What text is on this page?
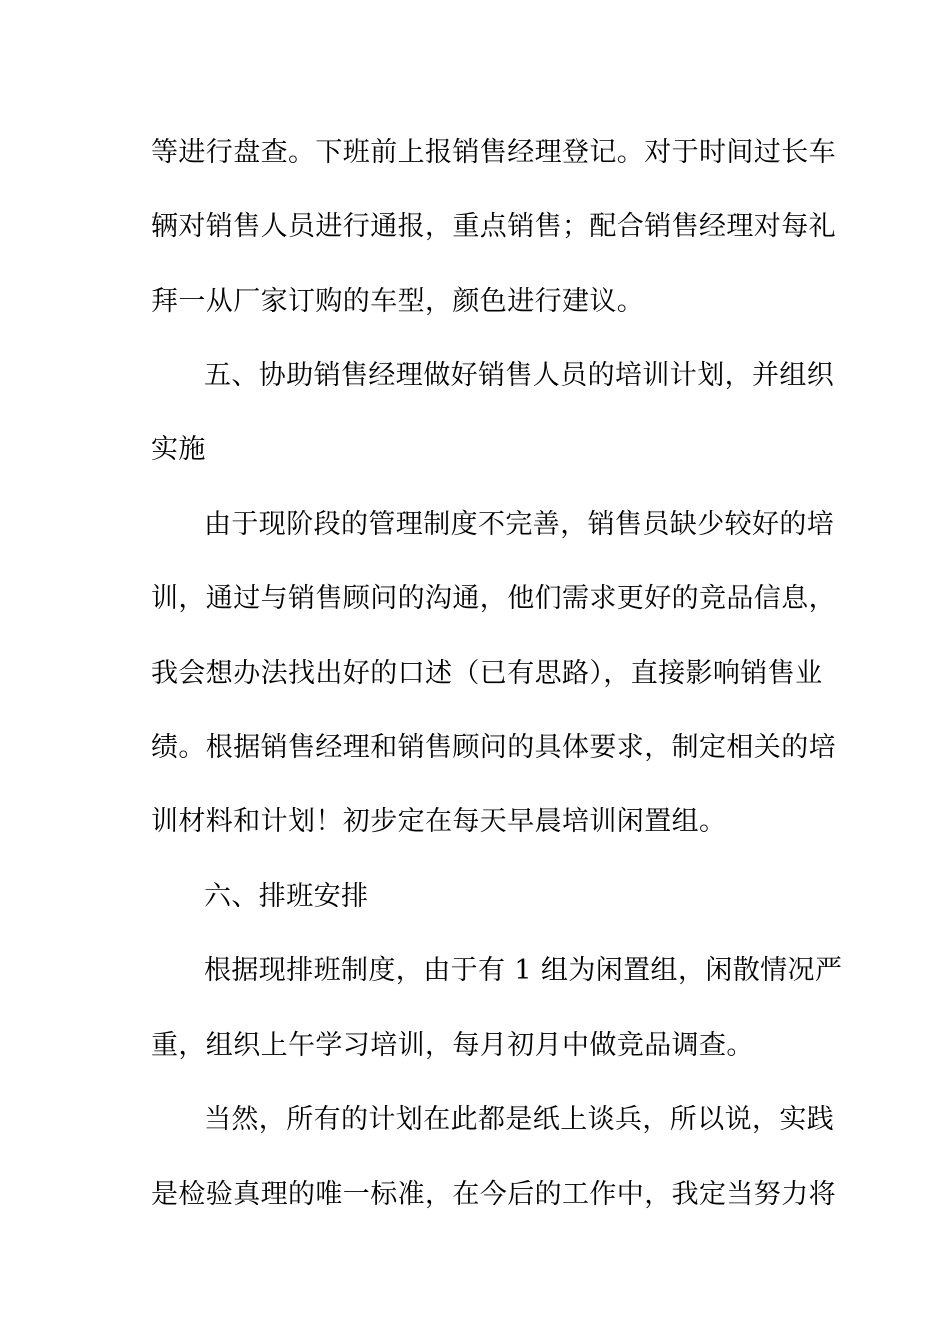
等进行盘查。下班前上报销售经理登记。对于时间过长车
辆对销售人员进行通报，重点销售；配合销售经理对每礼
拜一从厂家订购的车型，颜色进行建议。
五、协助销售经理做好销售人员的培训计划，并组织
实施
由于现阶段的管理制度不完善，销售员缺少较好的培
训，通过与销售顾问的沟通，他们需求更好的竞品信息，
我会想办法找出好的口述（已有思路），直接影响销售业
绩。根据销售经理和销售顾问的具体要求，制定相关的培
训材料和计划！初步定在每天早晨培训闲置组。
六、排班安排
根据现排班制度，由于有 1 组为闲置组，闲散情况严
重，组织上午学习培训，每月初月中做竞品调查。
当然，所有的计划在此都是纸上谈兵，所以说，实践
是检验真理的唯一标准，在今后的工作中，我定当努力将
